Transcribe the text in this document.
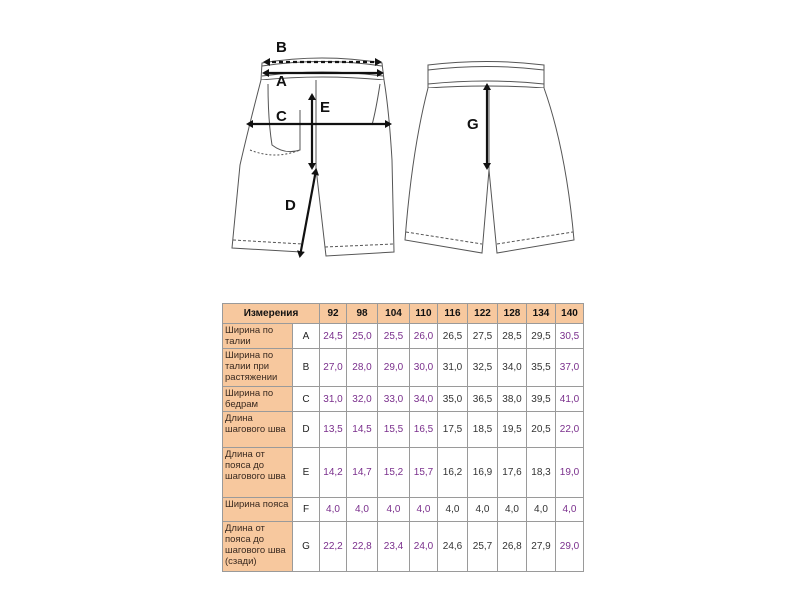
B
A
C
E
D
G
Измерения		92	98	104	110	116	122	128	134	140
Ширина по талии	A	24,5	25,0	25,5	26,0	26,5	27,5	28,5	29,5	30,5
Ширина по талии при растяжении	B	27,0	28,0	29,0	30,0	31,0	32,5	34,0	35,5	37,0
Ширина по бедрам	C	31,0	32,0	33,0	34,0	35,0	36,5	38,0	39,5	41,0
Длина шагового шва	D	13,5	14,5	15,5	16,5	17,5	18,5	19,5	20,5	22,0
Длина от пояса до шагового шва	E	14,2	14,7	15,2	15,7	16,2	16,9	17,6	18,3	19,0
Ширина пояса	F	4,0	4,0	4,0	4,0	4,0	4,0	4,0	4,0	4,0
Длина от пояса до шагового шва (сзади)	G	22,2	22,8	23,4	24,0	24,6	25,7	26,8	27,9	29,0
